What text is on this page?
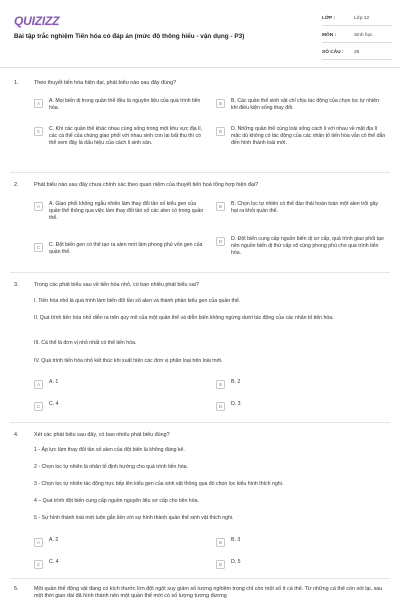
QUIZIZZ
Bài tập trắc nghiệm Tiến hóa có đáp án (mức độ thông hiểu - vận dụng - P3)
LỚP :	Lớp 12
MÔN :	Sinh học
SỐ CÂU :	25
1.	Theo thuyết tiến hóa hiện đại, phát biểu nào sau đây đúng?
A	A. Mọi biến dị trong quần thể đều là nguyên liệu của quá trình tiến hóa.
B	B. Các quần thể sinh vật chỉ chịu tác động của chọn lọc tự nhiên khi điều kiện sống thay đổi.
C	C. Khi các quần thể khác nhau cùng sống trong một khu vực địa lí, các cá thể của chúng giao phối với nhau sinh con lai bất thụ thì có thể xem đây là dấu hiệu của cách li sinh sản.
D	D. Những quần thể cùng loài sống cách li với nhau về mặt địa lí mặc dù không có tác động của các nhân tố tiến hóa vẫn có thể dẫn đến hình thành loài mới.
2.	Phát biểu nào sau đây chưa chính xác theo quan niệm của thuyết tiến hoá tổng hợp hiện đại?
A	A. Giao phối không ngẫu nhiên làm thay đổi tần số kiểu gen của quần thể thông qua việc làm thay đổi tần số các alen có trong quần thể.
B	B. Chọn lọc tự nhiên có thể đào thải hoàn toàn một alen trội gây hại ra khỏi quần thể.
C	C. Đột biến gen có thể tạo ra alen mới làm phong phú vốn gen của quần thể.
D	D. Đột biến cung cấp nguồn biến dị sơ cấp, quá trình giao phối tạo nên nguồn biến dị thứ cấp vô cùng phong phú cho quá trình tiến hóa.
3.	Trong các phát biểu sau về tiến hóa nhỏ, có bao nhiêu phát biểu sai?
I. Tiến hóa nhỏ là quá trình làm biến đổi tần số alen và thành phần kiểu gen của quần thể.
II. Quá trình tiến hóa nhỏ diễn ra trên quy mô của một quần thể và diễn biến không ngừng dưới tác động của các nhân tố tiến hóa.
III. Cá thể là đơn vị nhỏ nhất có thể tiến hóa.
IV. Quá trình tiến hóa nhỏ kết thúc khi xuất hiện các đơn vị phân loại trên loài mới.
A	A. 1	B	B. 2
C	C. 4	D	D. 3
4.	Xét các phát biểu sau đây, có bao nhiêu phát biểu đúng?
1 - Áp lực làm thay đổi tần số alen của đột biến là không đáng kể.
2 - Chọn lọc tự nhiên là nhân tố định hướng cho quá trình tiến hóa.
3 - Chọn lọc tự nhiên tác động trực tiếp lên kiểu gen của sinh vật thông qua đó chọn lọc kiểu hình thích nghi.
4 – Quá trình đột biến cung cấp nguồn nguyên liệu sơ cấp cho tiến hóa.
5 - Sự hình thành loài mới luôn gắn liền với sự hình thành quần thể sinh vật thích nghi.
A	A. 2	B	B. 3
C	C. 4	D	D. 5
5.	Một quần thể động vật đang có kích thước lớn đột ngột suy giảm số lượng nghiêm trọng chỉ còn một số ít cá thể. Từ những cá thể còn sót lại, sau một thời gian dài đã hình thành nên một quần thể mới có số lượng tương đương
